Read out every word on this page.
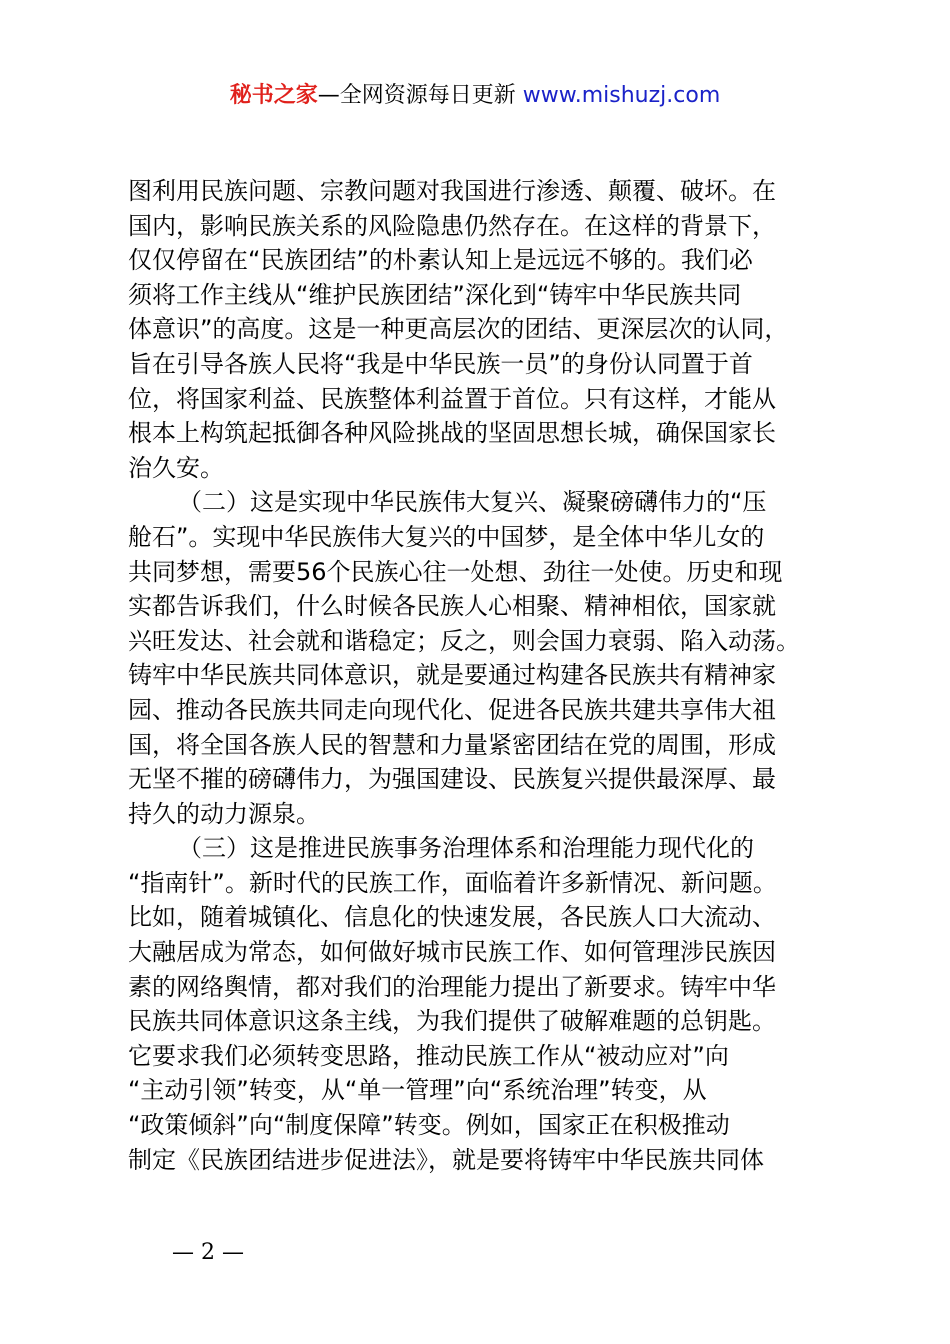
秘书之家—全网资源每日更新 www.mishuzj.com
图利用民族问题、宗教问题对我国进行渗透、颠覆、破坏。在
国内，影响民族关系的风险隐患仍然存在。在这样的背景下，
仅仅停留在“民族团结”的朴素认知上是远远不够的。我们必
须将工作主线从“维护民族团结”深化到“铸牢中华民族共同
体意识”的高度。这是一种更高层次的团结、更深层次的认同，
旨在引导各族人民将“我是中华民族一员”的身份认同置于首
位，将国家利益、民族整体利益置于首位。只有这样，才能从
根本上构筑起抵御各种风险挑战的坚固思想长城，确保国家长
治久安。
（二）这是实现中华民族伟大复兴、凝聚磅礴伟力的“压
舱石”。实现中华民族伟大复兴的中国梦，是全体中华儿女的
共同梦想，需要56个民族心往一处想、劲往一处使。历史和现
实都告诉我们，什么时候各民族人心相聚、精神相依，国家就
兴旺发达、社会就和谐稳定；反之，则会国力衰弱、陷入动荡。
铸牢中华民族共同体意识，就是要通过构建各民族共有精神家
园、推动各民族共同走向现代化、促进各民族共建共享伟大祖
国，将全国各族人民的智慧和力量紧密团结在党的周围，形成
无坚不摧的磅礴伟力，为强国建设、民族复兴提供最深厚、最
持久的动力源泉。
（三）这是推进民族事务治理体系和治理能力现代化的
“指南针”。新时代的民族工作，面临着许多新情况、新问题。
比如，随着城镇化、信息化的快速发展，各民族人口大流动、
大融居成为常态，如何做好城市民族工作、如何管理涉民族因
素的网络舆情，都对我们的治理能力提出了新要求。铸牢中华
民族共同体意识这条主线，为我们提供了破解难题的总钥匙。
它要求我们必须转变思路，推动民族工作从“被动应对”向
“主动引领”转变，从“单一管理”向“系统治理”转变，从
“政策倾斜”向“制度保障”转变。例如，国家正在积极推动
制定《民族团结进步促进法》，就是要将铸牢中华民族共同体
— 2 —
